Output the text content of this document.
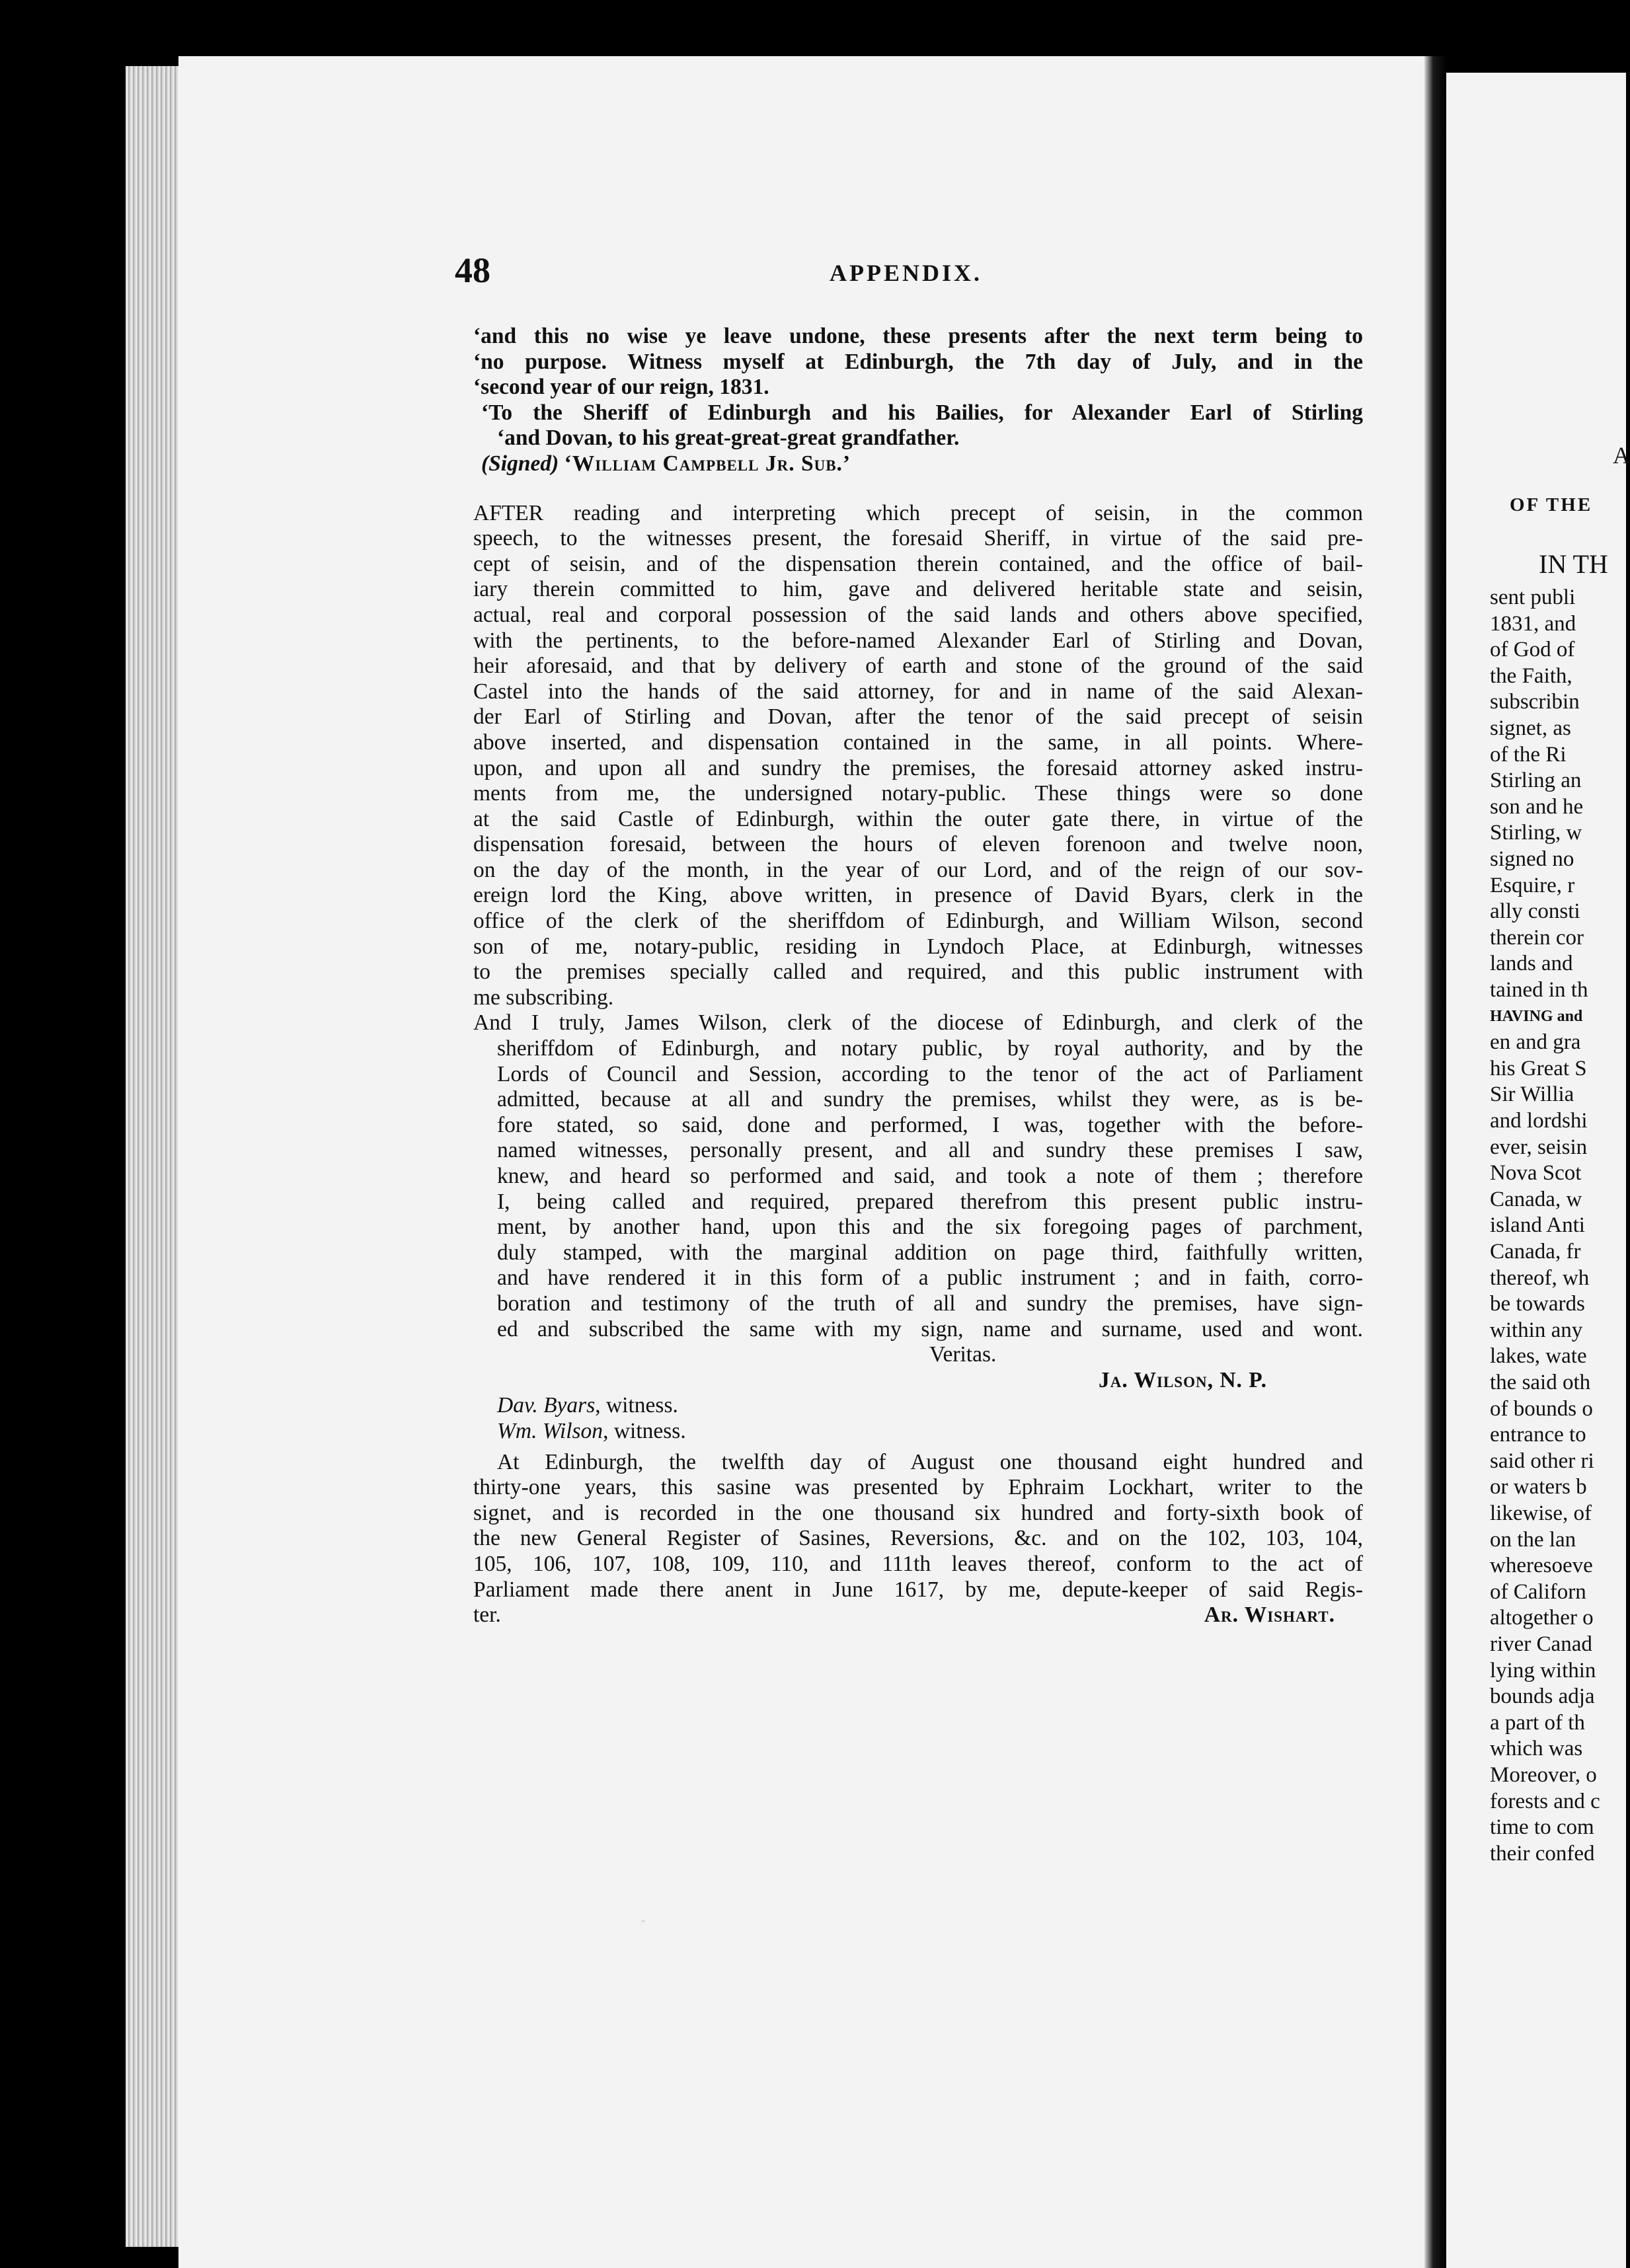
48	APPENDIX.
‘and this no wise ye leave undone, these presents after the next term being to
‘no purpose. Witness myself at Edinburgh, the 7th day of July, and in the
‘second year of our reign, 1831.
‘To the Sheriff of Edinburgh and his Bailies, for Alexander Earl of Stirling
‘and Dovan, to his great-great-great grandfather.
(Signed) ‘William Campbell Jr. Sub.’
AFTER reading and interpreting which precept of seisin, in the common
speech, to the witnesses present, the foresaid Sheriff, in virtue of the said pre-
cept of seisin, and of the dispensation therein contained, and the office of bail-
iary therein committed to him, gave and delivered heritable state and seisin,
actual, real and corporal possession of the said lands and others above specified,
with the pertinents, to the before-named Alexander Earl of Stirling and Dovan,
heir aforesaid, and that by delivery of earth and stone of the ground of the said
Castel into the hands of the said attorney, for and in name of the said Alexan-
der Earl of Stirling and Dovan, after the tenor of the said precept of seisin
above inserted, and dispensation contained in the same, in all points. Where-
upon, and upon all and sundry the premises, the foresaid attorney asked instru-
ments from me, the undersigned notary-public. These things were so done
at the said Castle of Edinburgh, within the outer gate there, in virtue of the
dispensation foresaid, between the hours of eleven forenoon and twelve noon,
on the day of the month, in the year of our Lord, and of the reign of our sov-
ereign lord the King, above written, in presence of David Byars, clerk in the
office of the clerk of the sheriffdom of Edinburgh, and William Wilson, second
son of me, notary-public, residing in Lyndoch Place, at Edinburgh, witnesses
to the premises specially called and required, and this public instrument with
me subscribing.
And I truly, James Wilson, clerk of the diocese of Edinburgh, and clerk of the
sheriffdom of Edinburgh, and notary public, by royal authority, and by the
Lords of Council and Session, according to the tenor of the act of Parliament
admitted, because at all and sundry the premises, whilst they were, as is be-
fore stated, so said, done and performed, I was, together with the before-
named witnesses, personally present, and all and sundry these premises I saw,
knew, and heard so performed and said, and took a note of them ; therefore
I, being called and required, prepared therefrom this present public instru-
ment, by another hand, upon this and the six foregoing pages of parchment,
duly stamped, with the marginal addition on page third, faithfully written,
and have rendered it in this form of a public instrument ; and in faith, corro-
boration and testimony of the truth of all and sundry the premises, have sign-
ed and subscribed the same with my sign, name and surname, used and wont.
Veritas.
Ja. Wilson, N. P.
Dav. Byars, witness.
Wm. Wilson, witness.
At Edinburgh, the twelfth day of August one thousand eight hundred and
thirty-one years, this sasine was presented by Ephraim Lockhart, writer to the
signet, and is recorded in the one thousand six hundred and forty-sixth book of
the new General Register of Sasines, Reversions, &c. and on the 102, 103, 104,
105, 106, 107, 108, 109, 110, and 111th leaves thereof, conform to the act of
Parliament made there anent in June 1617, by me, depute-keeper of said Regis-
ter.	Ar. Wishart.
A
OF THE
IN TH
sent publi
1831, and
of God of
the Faith,
subscribin
signet, as
of the Ri
Stirling an
son and he
Stirling, w
signed no
Esquire, r
ally consti
therein cor
lands and
tained in th
HAVING and
en and gra
his Great S
Sir Willia
and lordshi
ever, seisin
Nova Scot
Canada, w
island Anti
Canada, fr
thereof, wh
be towards
within any
lakes, wate
the said oth
of bounds o
entrance to
said other ri
or waters b
likewise, of
on the lan
wheresoeve
of Californ
altogether o
river Canad
lying within
bounds adja
a part of th
which was
Moreover, o
forests and c
time to com
their confed
